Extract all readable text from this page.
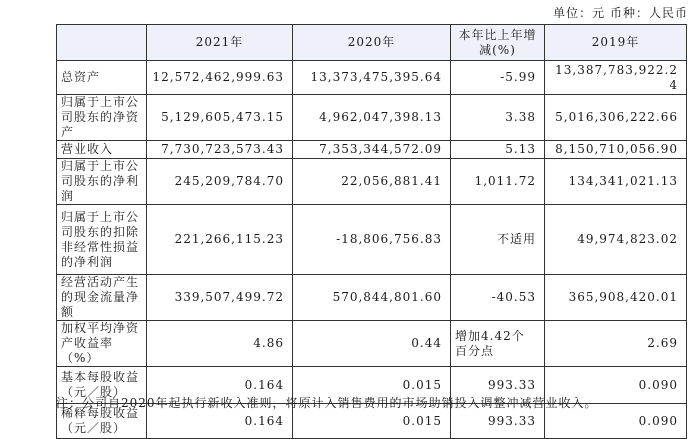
单位：元 币种：人民币
	2021年	2020年	本年比上年增减(%)	2019年
总资产	12,572,462,999.63	13,373,475,395.64	-5.99	13,387,783,922.24
归属于上市公司股东的净资产	5,129,605,473.15	4,962,047,398.13	3.38	5,016,306,222.66
营业收入	7,730,723,573.43	7,353,344,572.09	5.13	8,150,710,056.90
归属于上市公司股东的净利润	245,209,784.70	22,056,881.41	1,011.72	134,341,021.13
归属于上市公司股东的扣除非经常性损益的净利润	221,266,115.23	-18,806,756.83	不适用	49,974,823.02
经营活动产生的现金流量净额	339,507,499.72	570,844,801.60	-40.53	365,908,420.01
加权平均净资产收益率（%）	4.86	0.44	增加4.42个百分点	2.69
基本每股收益（元／股）	0.164	0.015	993.33	0.090
稀释每股收益（元／股）	0.164	0.015	993.33	0.090
注：公司自2020年起执行新收入准则，将原计入销售费用的市场助销投入调整冲减营业收入。
